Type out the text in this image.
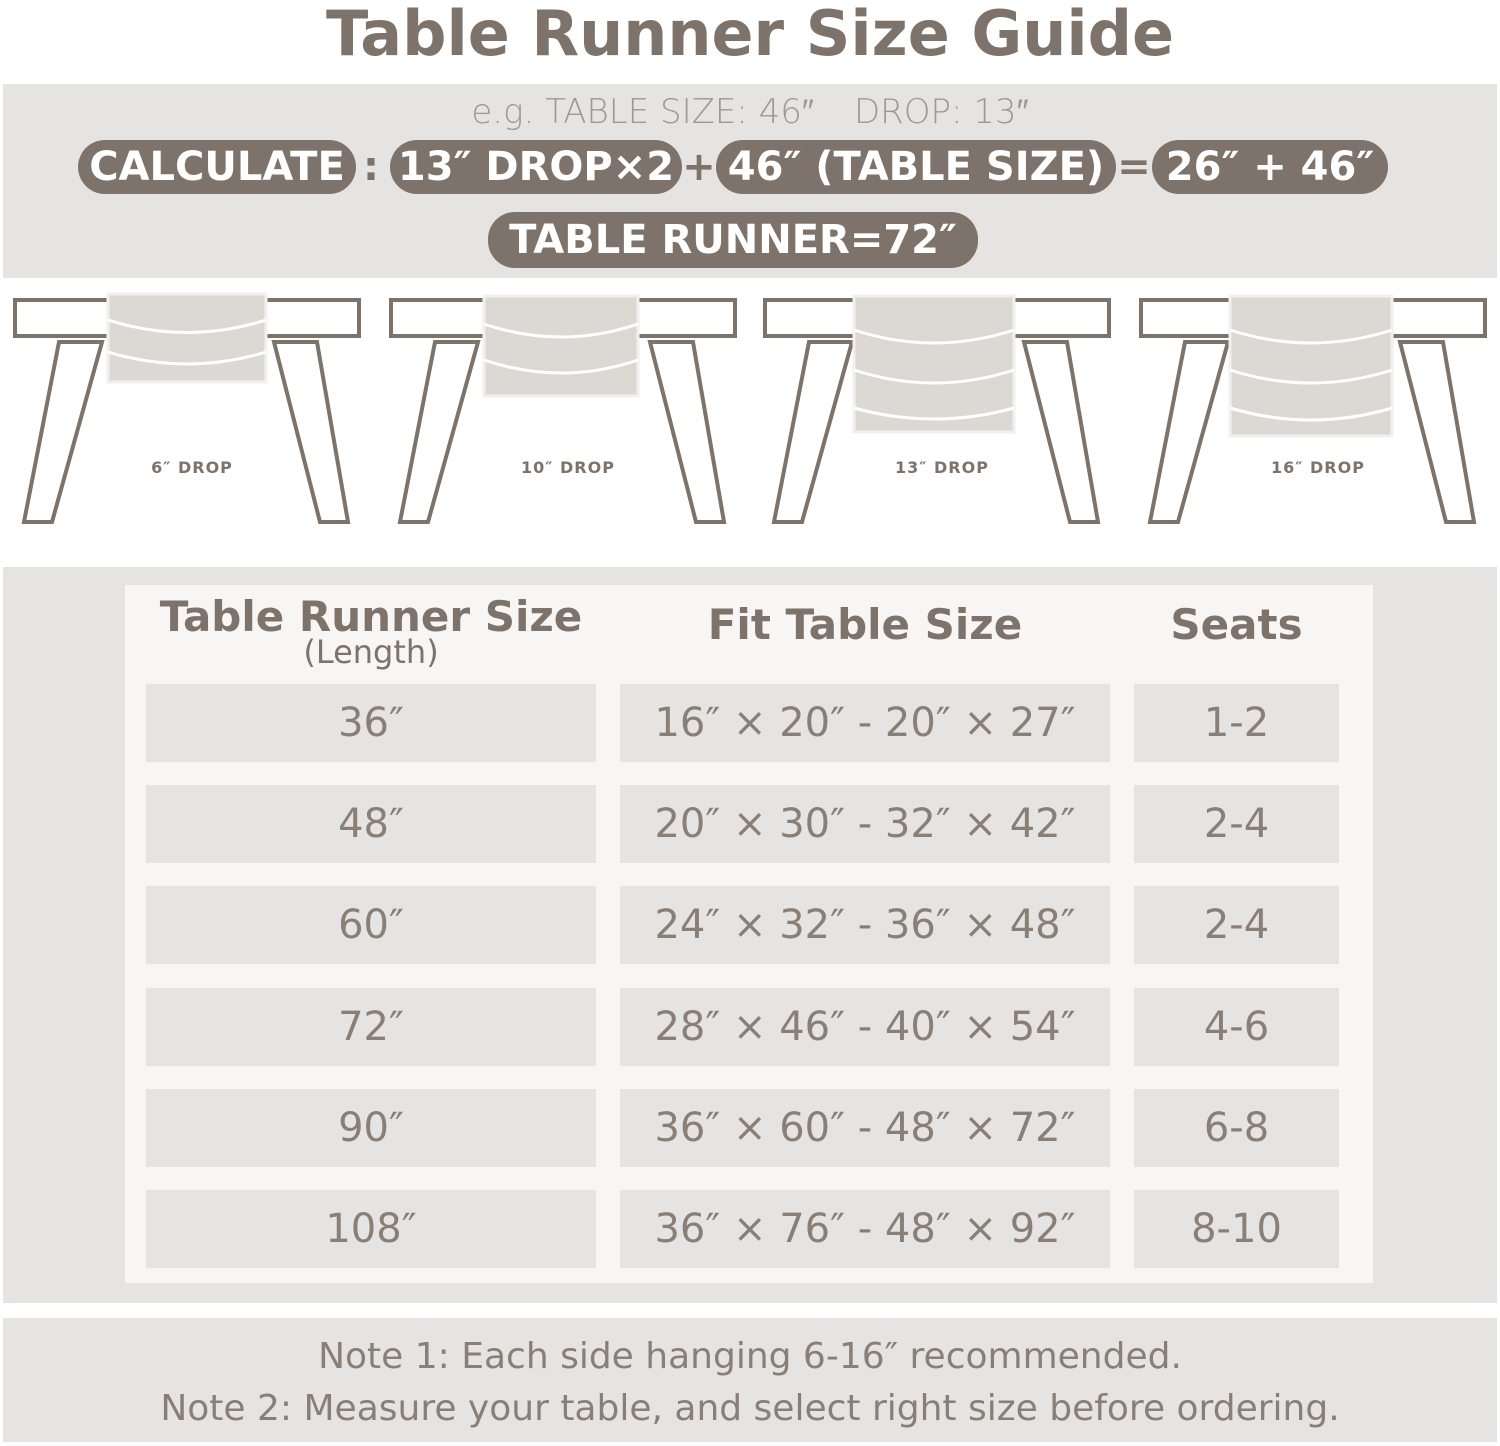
Table Runner Size Guide
e.g. TABLE SIZE: 46″ DROP: 13″
CALCULATE : 13″ DROP×2 + 46″ (TABLE SIZE) = 26″ + 46″
TABLE RUNNER=72″
6″ DROP	10″ DROP	13″ DROP	16″ DROP
Table Runner Size
(Length)
Fit Table Size	Seats
36″	16″ × 20″ - 20″ × 27″	1-2
48″	20″ × 30″ - 32″ × 42″	2-4
60″	24″ × 32″ - 36″ × 48″	2-4
72″	28″ × 46″ - 40″ × 54″	4-6
90″	36″ × 60″ - 48″ × 72″	6-8
108″	36″ × 76″ - 48″ × 92″	8-10
Note 1: Each side hanging 6-16″ recommended.
Note 2: Measure your table, and select right size before ordering.
